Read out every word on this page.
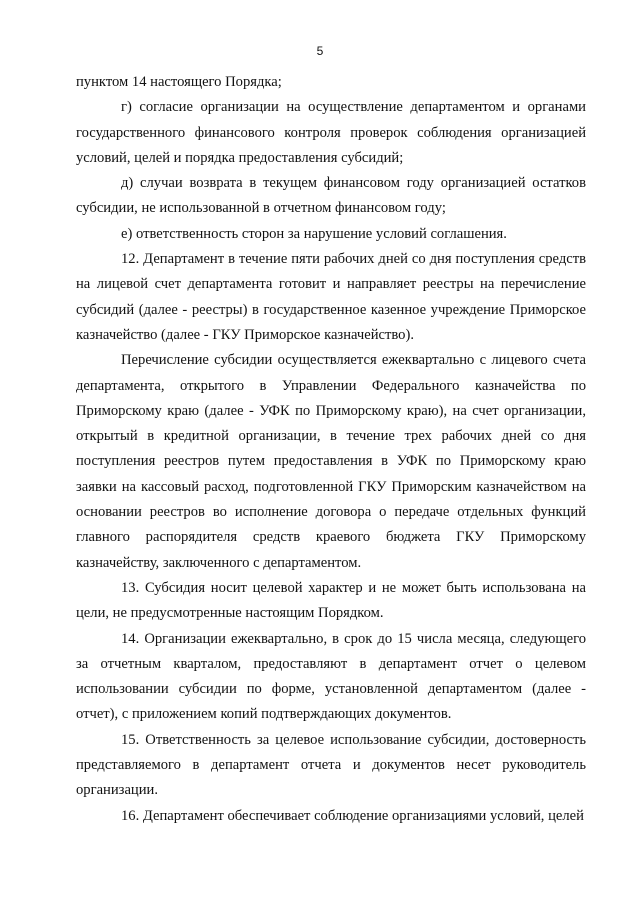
5

пунктом 14 настоящего Порядка;

г) согласие организации на осуществление департаментом и органами государственного финансового контроля проверок соблюдения организацией условий, целей и порядка предоставления субсидий;

д) случаи возврата в текущем финансовом году организацией остатков субсидии, не использованной в отчетном финансовом году;

е) ответственность сторон за нарушение условий соглашения.

12. Департамент в течение пяти рабочих дней со дня поступления средств на лицевой счет департамента готовит и направляет реестры на перечисление субсидий (далее - реестры) в государственное казенное учреждение Приморское казначейство (далее - ГКУ Приморское казначейство).

Перечисление субсидии осуществляется ежеквартально с лицевого счета департамента, открытого в Управлении Федерального казначейства по Приморскому краю (далее - УФК по Приморскому краю), на счет организации, открытый в кредитной организации, в течение трех рабочих дней со дня поступления реестров путем предоставления в УФК по Приморскому краю заявки на кассовый расход, подготовленной ГКУ Приморским казначейством на основании реестров во исполнение договора о передаче отдельных функций главного распорядителя средств краевого бюджета ГКУ Приморскому казначейству, заключенного с департаментом.

13. Субсидия носит целевой характер и не может быть использована на цели, не предусмотренные настоящим Порядком.

14. Организации ежеквартально, в срок до 15 числа месяца, следующего за отчетным кварталом, предоставляют в департамент отчет о целевом использовании субсидии по форме, установленной департаментом (далее - отчет), с приложением копий подтверждающих документов.

15. Ответственность за целевое использование субсидии, достоверность представляемого в департамент отчета и документов несет руководитель организации.

16. Департамент обеспечивает соблюдение организациями условий, целей
